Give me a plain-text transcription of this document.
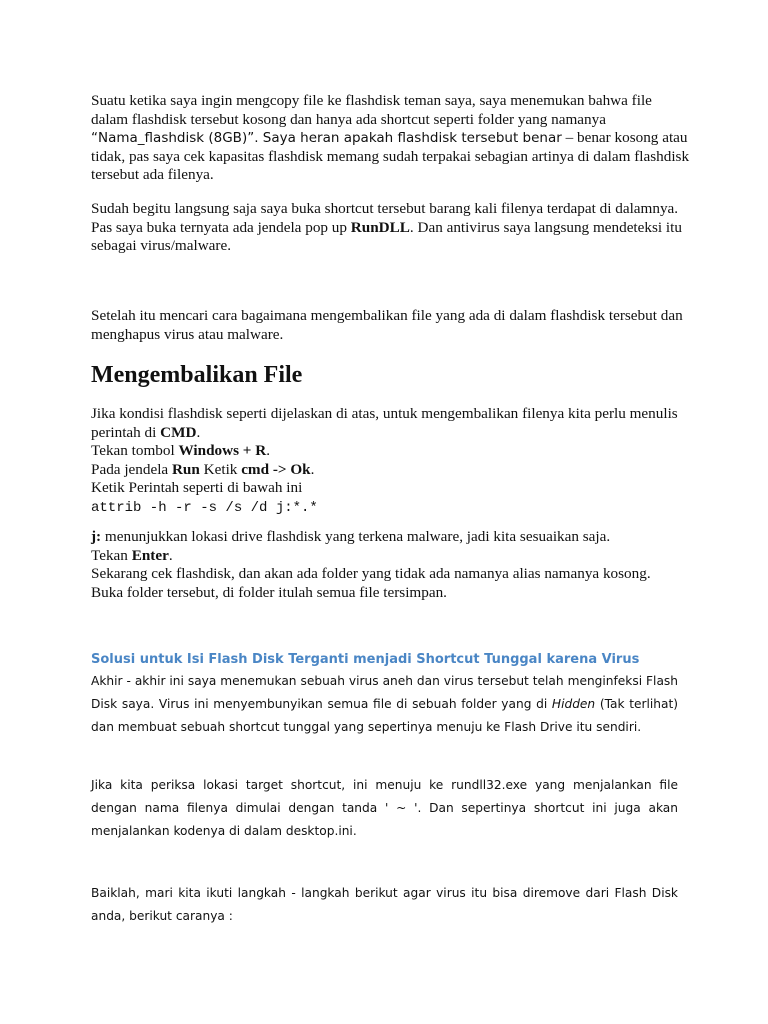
Suatu ketika saya ingin mengcopy file ke flashdisk teman saya, saya menemukan bahwa file dalam flashdisk tersebut kosong dan hanya ada shortcut seperti folder yang namanya “Nama_flashdisk (8GB)”. Saya heran apakah flashdisk tersebut benar – benar kosong atau tidak, pas saya cek kapasitas flashdisk memang sudah terpakai sebagian artinya di dalam flashdisk tersebut ada filenya.

Sudah begitu langsung saja saya buka shortcut tersebut barang kali filenya terdapat di dalamnya. Pas saya buka ternyata ada jendela pop up RunDLL. Dan antivirus saya langsung mendeteksi itu sebagai virus/malware.

Setelah itu mencari cara bagaimana mengembalikan file yang ada di dalam flashdisk tersebut dan menghapus virus atau malware.

Mengembalikan File

Jika kondisi flashdisk seperti dijelaskan di atas, untuk mengembalikan filenya kita perlu menulis perintah di CMD.
Tekan tombol Windows + R.
Pada jendela Run Ketik cmd -> Ok.
Ketik Perintah seperti di bawah ini
attrib -h -r -s /s /d j:*.*

j: menunjukkan lokasi drive flashdisk yang terkena malware, jadi kita sesuaikan saja.
Tekan Enter.
Sekarang cek flashdisk, dan akan ada folder yang tidak ada namanya alias namanya kosong.
Buka folder tersebut, di folder itulah semua file tersimpan.

Solusi untuk Isi Flash Disk Terganti menjadi Shortcut Tunggal karena Virus

Akhir - akhir ini saya menemukan sebuah virus aneh dan virus tersebut telah menginfeksi Flash Disk saya. Virus ini menyembunyikan semua file di sebuah folder yang di Hidden (Tak terlihat) dan membuat sebuah shortcut tunggal yang sepertinya menuju ke Flash Drive itu sendiri.

Jika kita periksa lokasi target shortcut, ini menuju ke rundll32.exe yang menjalankan file dengan nama filenya dimulai dengan tanda ' ~ '. Dan sepertinya shortcut ini juga akan menjalankan kodenya di dalam desktop.ini.

Baiklah, mari kita ikuti langkah - langkah berikut agar virus itu bisa diremove dari Flash Disk anda, berikut caranya :
